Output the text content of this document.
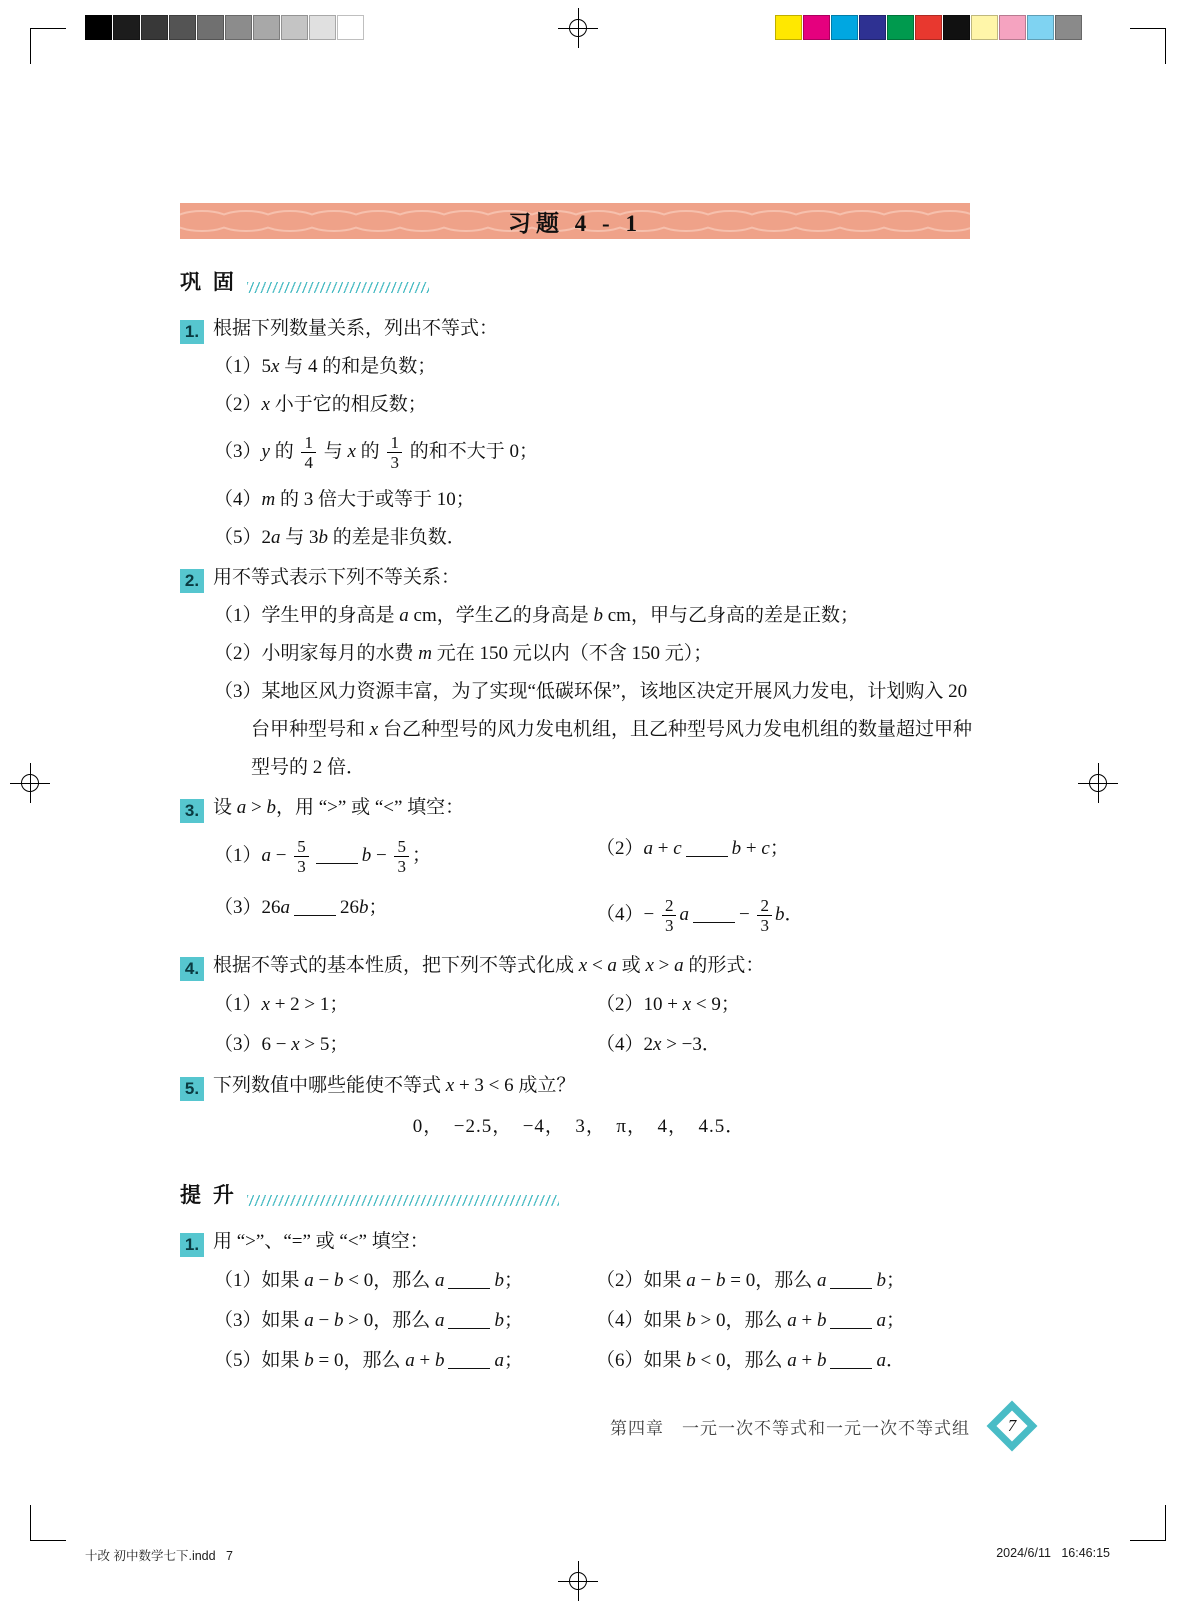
习题 4 - 1
巩 固
1. 根据下列数量关系，列出不等式：
（1）5x 与 4 的和是负数；
（2）x 小于它的相反数；
（3）y 的 $\frac{1}{4}$ 与 x 的 $\frac{1}{3}$ 的和不大于 0；
（4）m 的 3 倍大于或等于 10；
（5）2a 与 3b 的差是非负数．
2. 用不等式表示下列不等关系：
（1）学生甲的身高是 a cm，学生乙的身高是 b cm，甲与乙身高的差是正数；
（2）小明家每月的水费 m 元在 150 元以内（不含 150 元）；
（3）某地区风力资源丰富，为了实现“低碳环保”，该地区决定开展风力发电，计划购入 20 台甲种型号和 x 台乙种型号的风力发电机组，且乙种型号风力发电机组的数量超过甲种型号的 2 倍．
3. 设 a > b，用 “>” 或 “<” 填空：
$(1)a - \frac{5}{3}$	$b - \frac{5}{3}$ ；	（2）a + c	b + c；
（3）26a	26b；	$(4)- \frac{2}{3}$ a	− $\frac{2}{3}$ b．
4. 根据不等式的基本性质，把下列不等式化成 x < a 或 x > a 的形式：
（1）x + 2 > 1；	（2）10 + x < 9；
（3）6 − x > 5；	（4）2x > −3．
5. 下列数值中哪些能使不等式 x + 3 < 6 成立？
0， −2.5， −4， 3， π， 4， 4.5．
提 升
1. 用 “>”、“=” 或 “<” 填空：
（1）如果 a − b < 0，那么 a	b；	（2）如果 a − b = 0，那么 a	b；
（3）如果 a − b > 0，那么 a	b；	（4）如果 b > 0，那么 a + b	a；
（5）如果 b = 0，那么 a + b	a；	（6）如果 b < 0，那么 a + b	a．
第四章　一元一次不等式和一元一次不等式组	7
十改 初中数学七下.indd   7	2024/6/11   16:46:15
